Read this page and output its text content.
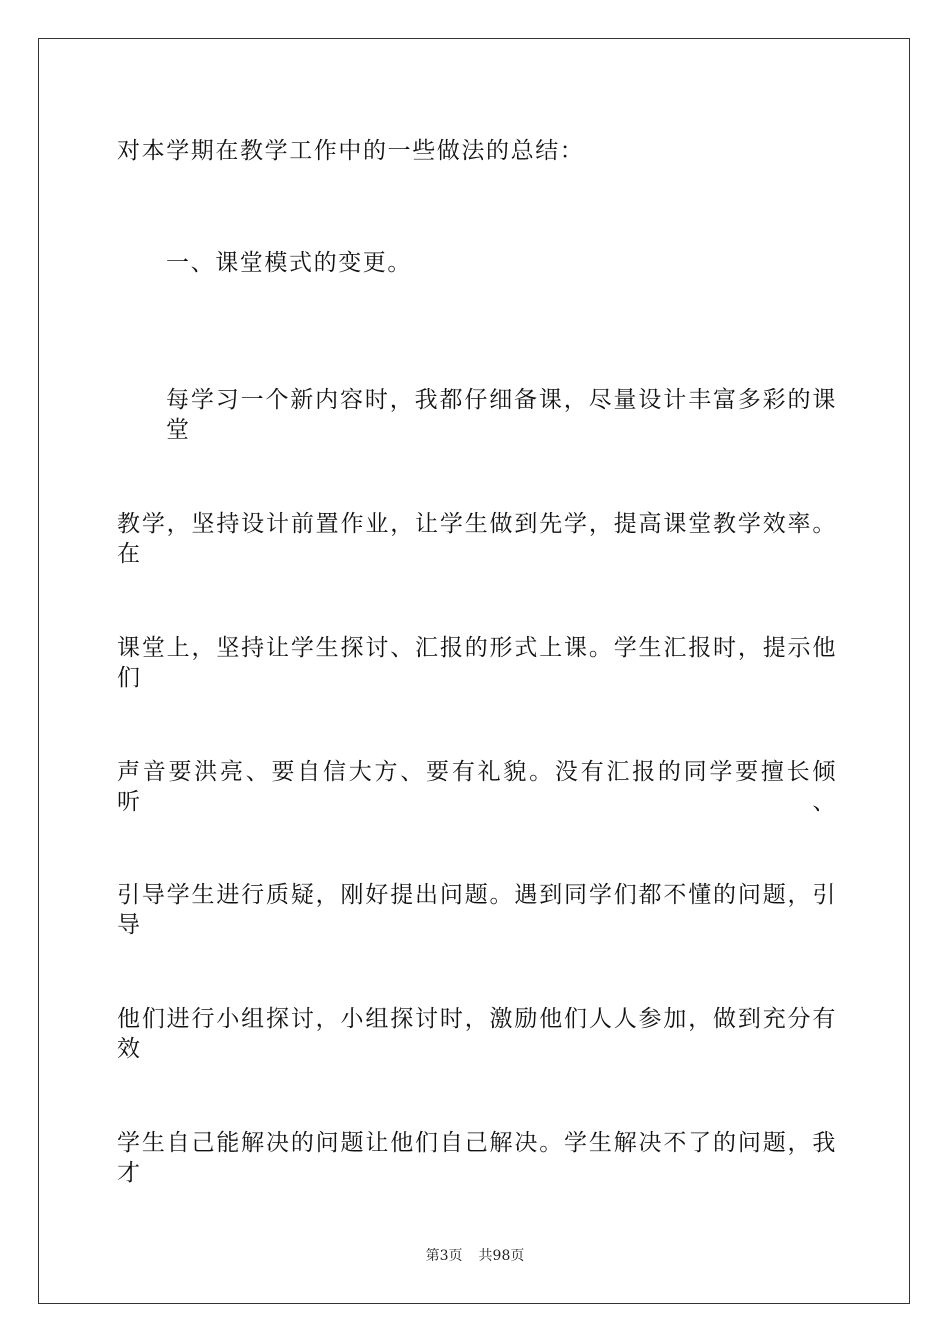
对本学期在教学工作中的一些做法的总结：
一、课堂模式的变更。
每学习一个新内容时，我都仔细备课，尽量设计丰富多彩的课堂
教学，坚持设计前置作业，让学生做到先学，提高课堂教学效率。在
课堂上，坚持让学生探讨、汇报的形式上课。学生汇报时，提示他们
声音要洪亮、要自信大方、要有礼貌。没有汇报的同学要擅长倾听、
引导学生进行质疑，刚好提出问题。遇到同学们都不懂的问题，引导
他们进行小组探讨，小组探讨时，激励他们人人参加，做到充分有效
学生自己能解决的问题让他们自己解决。学生解决不了的问题，我才
第3页 共98页
